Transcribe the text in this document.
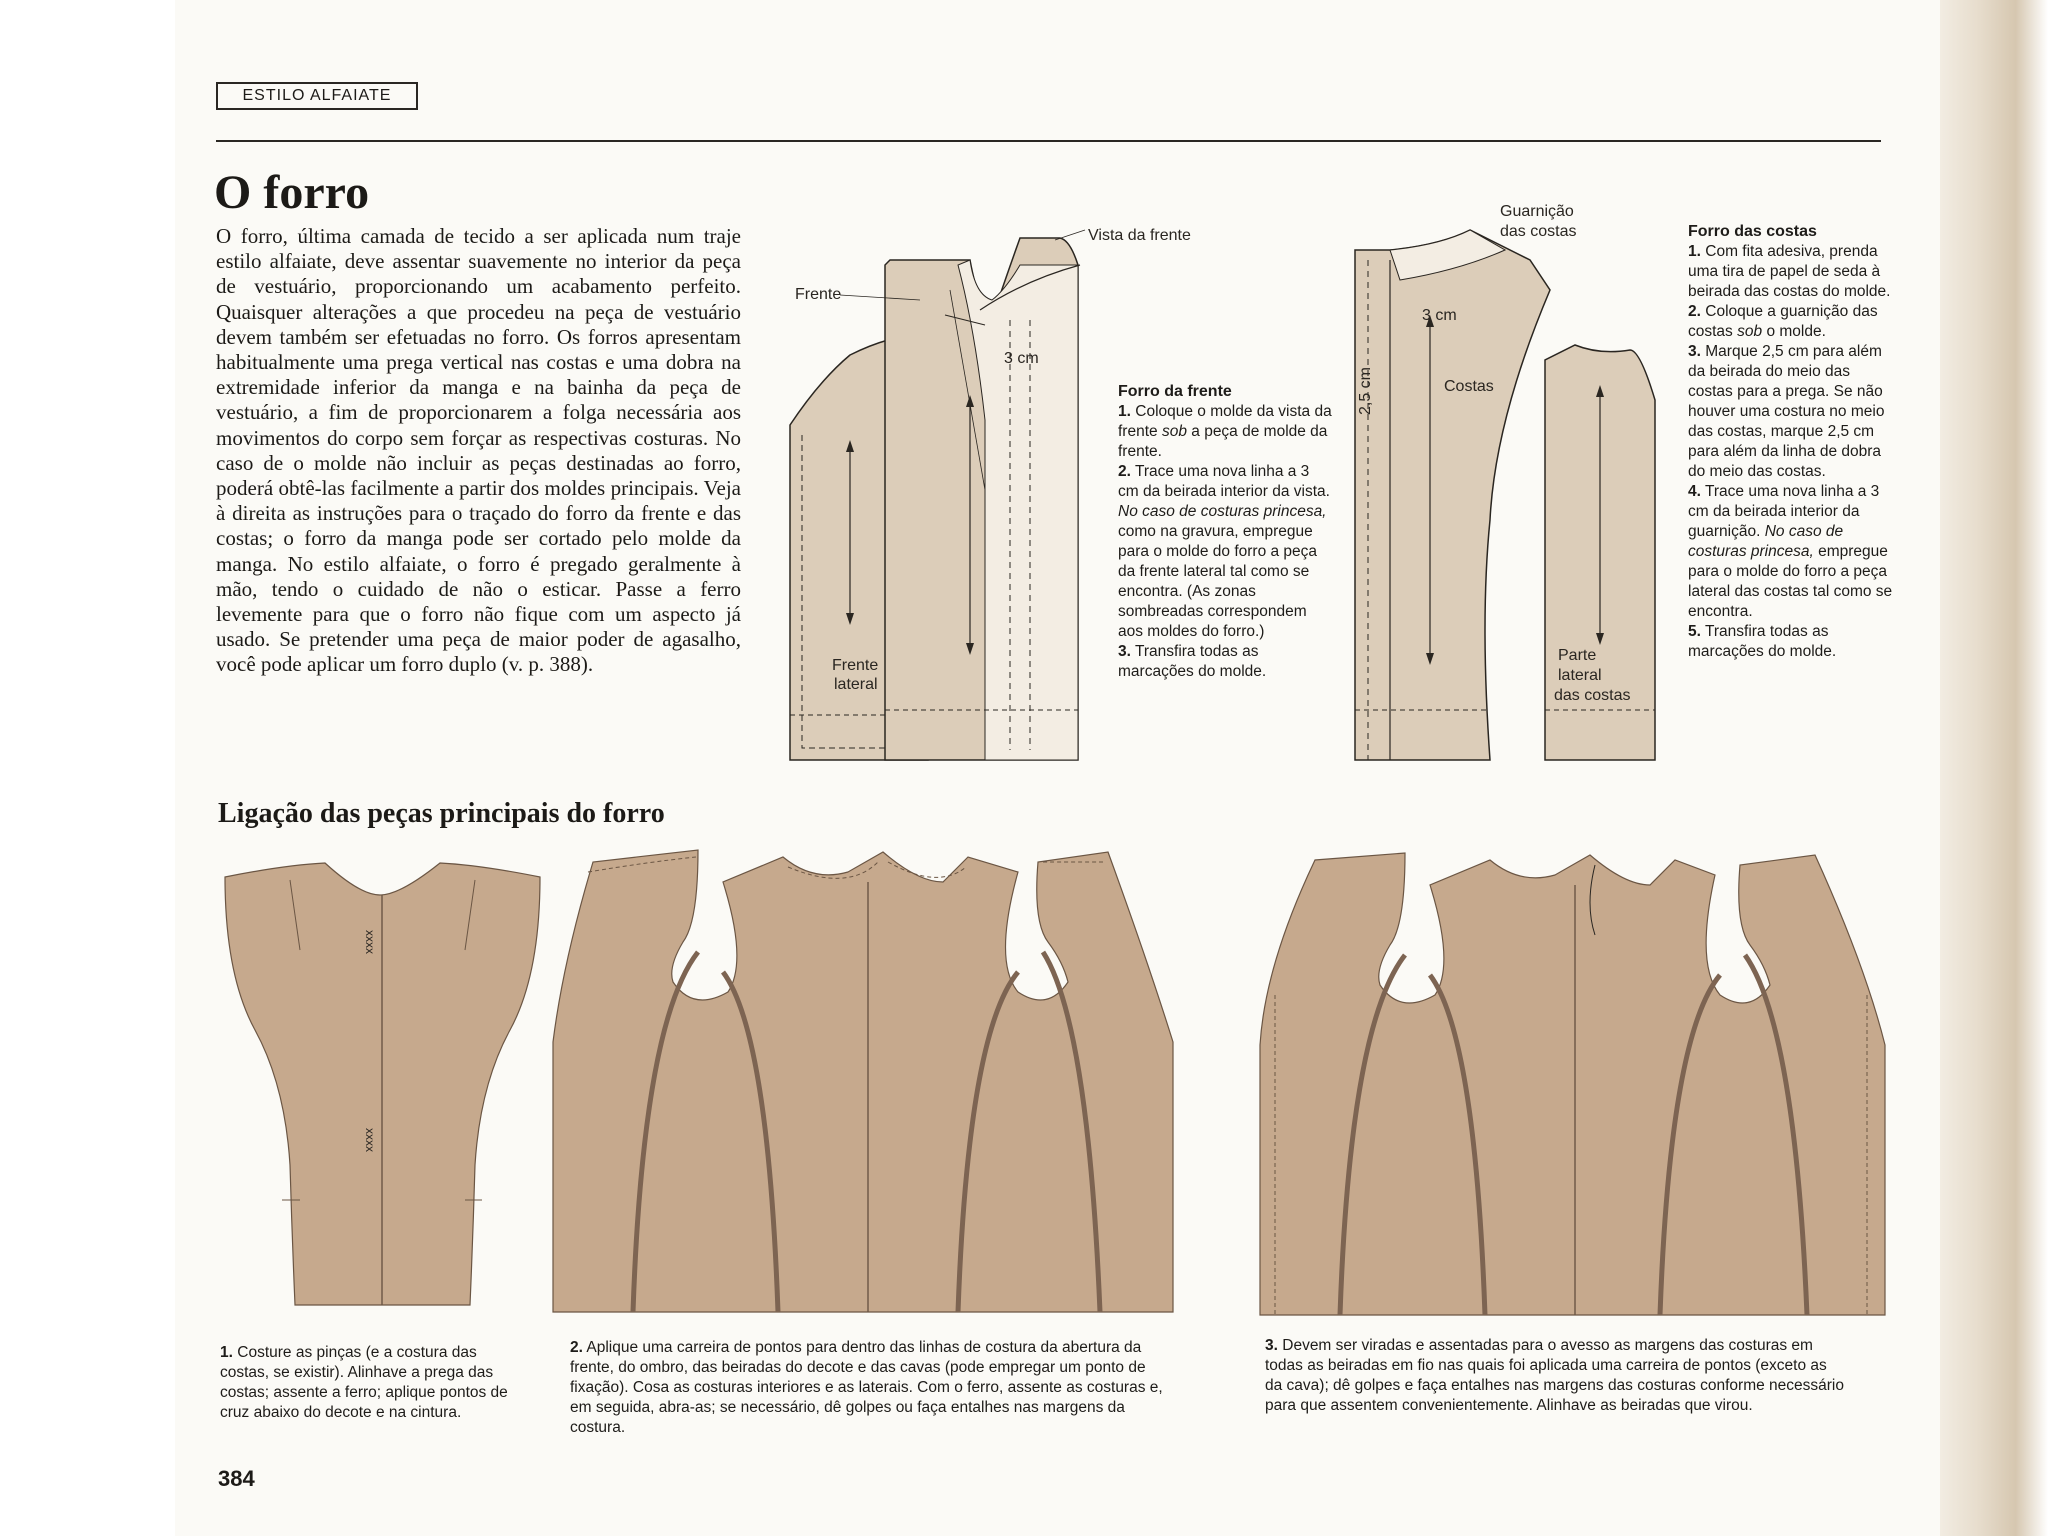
ESTILO ALFAIATE
O forro

O forro, última camada de tecido a ser aplicada num traje estilo alfaiate, deve assentar suavemente no interior da peça de vestuário, proporcionando um acabamento perfeito. Quaisquer alterações a que procedeu na peça de vestuário devem também ser efetuadas no forro. Os forros apresentam habitualmente uma prega vertical nas costas e uma dobra na extremidade inferior da manga e na bainha da peça de vestuário, a fim de proporcionarem a folga necessária aos movimentos do corpo sem forçar as respectivas costuras. No caso de o molde não incluir as peças destinadas ao forro, poderá obtê-las facilmente a partir dos moldes principais. Veja à direita as instruções para o traçado do forro da frente e das costas; o forro da manga pode ser cortado pelo molde da manga. No estilo alfaiate, o forro é pregado geralmente à mão, tendo o cuidado de não o esticar. Passe a ferro levemente para que o forro não fique com um aspecto já usado. Se pretender uma peça de maior poder de agasalho, você pode aplicar um forro duplo (v. p. 388).

Vista da frente
Frente
3 cm
Frente
lateral
Forro da frente
1. Coloque o molde da vista da frente sob a peça de molde da frente.
2. Trace uma nova linha a 3 cm da beirada interior da vista. No caso de costuras princesa, como na gravura, empregue para o molde do forro a peça da frente lateral tal como se encontra. (As zonas sombreadas correspondem aos moldes do forro.)
3. Transfira todas as marcações do molde.
Guarnição
das costas
3 cm
2,5 cm	Costas
Parte
lateral
das costas
Forro das costas
1. Com fita adesiva, prenda uma tira de papel de seda à beirada das costas do molde.
2. Coloque a guarnição das costas sob o molde.
3. Marque 2,5 cm para além da beirada do meio das costas para a prega. Se não houver uma costura no meio das costas, marque 2,5 cm para além da linha de dobra do meio das costas.
4. Trace uma nova linha a 3 cm da beirada interior da guarnição. No caso de costuras princesa, empregue para o molde do forro a peça lateral das costas tal como se encontra.
5. Transfira todas as marcações do molde.
Ligação das peças principais do forro
xxxx
xxxx

1. Costure as pinças (e a costura das costas, se existir). Alinhave a prega das costas; assente a ferro; aplique pontos de cruz abaixo do decote e na cintura.

2. Aplique uma carreira de pontos para dentro das linhas de costura da abertura da frente, do ombro, das beiradas do decote e das cavas (pode empregar um ponto de fixação). Cosa as costuras interiores e as laterais. Com o ferro, assente as costuras e, em seguida, abra-as; se necessário, dê golpes ou faça entalhes nas margens da costura.

3. Devem ser viradas e assentadas para o avesso as margens das costuras em todas as beiradas em fio nas quais foi aplicada uma carreira de pontos (exceto as da cava); dê golpes e faça entalhes nas margens das costuras conforme necessário para que assentem convenientemente. Alinhave as beiradas que virou.

384
